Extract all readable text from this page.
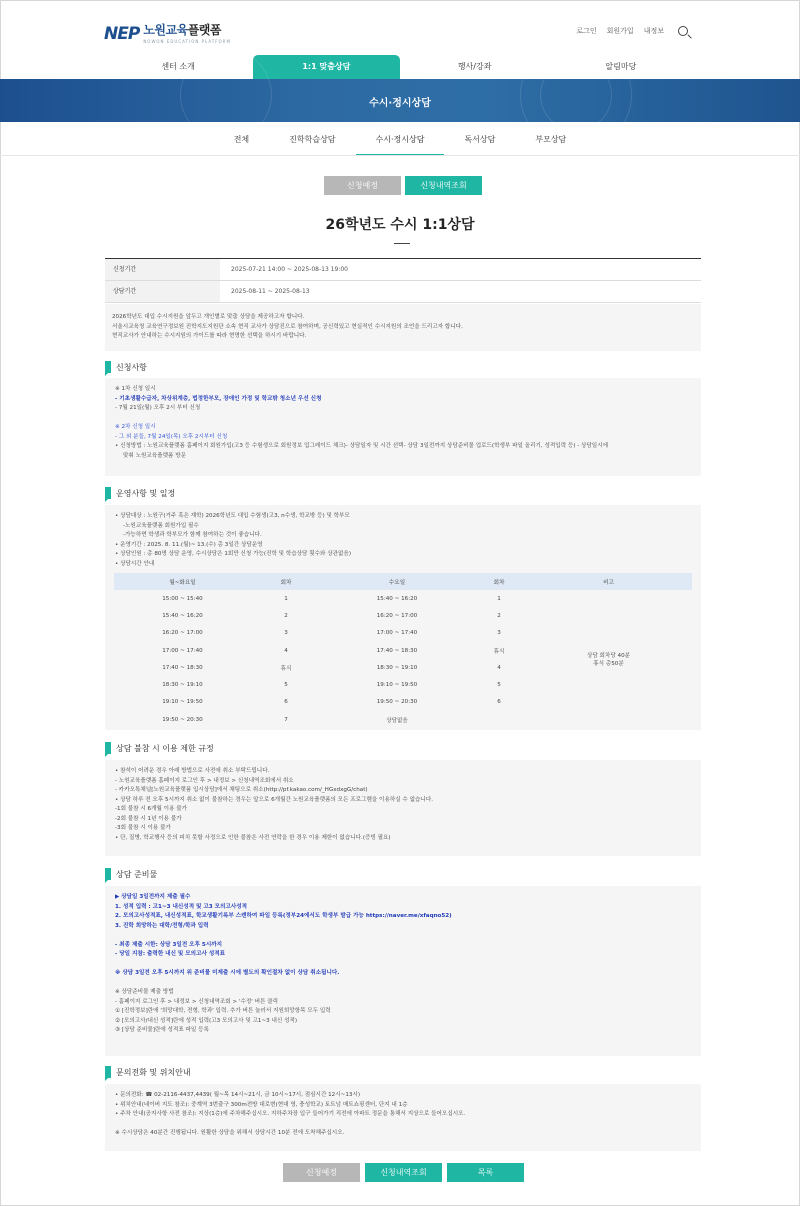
NEP 노원교육플랫폼
NOWON EDUCATION PLATFORM
로그인 회원가입 내정보
센터 소개	1:1 맞춤상담	행사/강좌	알림마당
수시·정시상담
전체	진학학습상담	수시·정시상담	독서상담	부모상담
신청예정	신청내역조회
26학년도 수시 1:1상담
신청기간	2025-07-21 14:00 ~ 2025-08-13 19:00
상담기간	2025-08-11 ~ 2025-08-13
2026학년도 대입 수시지원을 앞두고 개인별로 맞춤 상담을 제공하고자 합니다.
서울시교육청 교육연구정보원 진학지도지원단 소속 현직 교사가 상담진으로 참여하며, 공신력있고 현실적인 수시지원의 조언을 드리고자 합니다.
현직교사가 안내하는 수시지원의 가이드를 따라 현명한 선택을 하시기 바랍니다.
신청사항

※ 1차 신청 일시

- 기초생활수급자, 차상위계층, 법정한부모, 장애인 가정 및 학교밖 청소년 우선 신청

- 7월 21일(월) 오후 2시 부터 신청

※ 2차 신청 일시

- 그 외 분들, 7월 24일(목) 오후 2시부터 신청

• 신청방법 : 노원교육플랫폼 홈페이지 회원가입(고3 등 수험생으로 회원정보 업그레이드 체크)- 상담일자 및 시간 선택- 상담 3일전까지 상담준비물 업로드(학생부 파일 올리기, 성적입력 등) - 상담일시에

맞춰 노원교육플랫폼 방문

운영사항 및 일정

• 상담대상 : 노원구(거주 혹은 재학) 2026학년도 대입 수험생(고3, n수생, 학교밖 등) 및 학부모

-노원교육플랫폼 회원가입 필수

-가능하면 학생과 학부모가 함께 참여하는 것이 좋습니다.

• 운영기간 : 2025. 8. 11.(월)~ 13.(수) 총 3일간 상담운영

• 상담인원 : 총 80명 상담 운영, 수시상담은 1회만 신청 가능(진학 및 학습상담 횟수와 상관없음)

• 상담시간 안내

월~화요일	회차	수요일	회차	비고
15:00 ~ 15:40	1	15:40 ~ 16:20	1	상담 회차당 40분
휴식 총50분

15:40 ~ 16:20	2	16:20 ~ 17:00	2	
16:20 ~ 17:00	3	17:00 ~ 17:40	3	
17:00 ~ 17:40	4	17:40 ~ 18:30	휴식	
17:40 ~ 18:30	휴식	18:30 ~ 19:10	4	
18:30 ~ 19:10	5	19:10 ~ 19:50	5	
19:10 ~ 19:50	6	19:50 ~ 20:30	6	
19:50 ~ 20:30	7	상담없음		
상담 불참 시 이용 제한 규정

• 참석이 어려운 경우 아래 방법으로 사전에 취소 부탁드립니다.

- 노원교육플랫폼 홈페이지 로그인 후 > 내정보 > 신청내역조회에서 취소

- 카카오톡채널[노원교육플랫폼 입시상담]에서 채팅으로 취소(http://pf.kakao.com/_HGxdxgG/chat)

• 상담 하루 전 오후 5시까지 취소 없이 불참하는 경우는 앞으로 6개월간 노원교육플랫폼의 모든 프로그램을 이용하실 수 없습니다.

-1회 불참 시 6개월 이용 불가

-2회 불참 시 1년 이용 불가

-3회 불참 시 이용 불가

• 단, 질병, 학교행사 등의 피치 못할 사정으로 인한 불참은 사전 연락을 한 경우 이용 제한이 없습니다.(증빙 필요)

상담 준비물

▶ 상담일 3일전까지 제출 필수

1. 성적 입력 : 고1~3 내신성적 및 고3 모의고사성적

2. 모의고사성적표, 내신성적표, 학교생활기록부 스캔하여 파일 등록(정부24에서도 학생부 발급 가능 https://naver.me/xfaqno52)

3. 진학 희망하는 대학/전형/학과 입력

- 최종 제출 시한: 상담 3일전 오후 5시까지

- 당일 지참: 출력한 내신 및 모의고사 성적표

※ 상담 3일전 오후 5시까지 위 준비물 미제출 시에 별도의 확인절차 없이 상담 취소됩니다.

※ 상담준비물 제출 방법

- 홈페이지 로그인 후 > 내정보 > 신청내역조회 > '수정' 버튼 클릭

① [진학정보]란에 '희망대학, 전형, 학과' 입력. 추가 버튼 눌러서 지원희망항목 모두 입력

② [모의고사/내신 성적]란에 성적 입력(고3 모의고사 및 고1~3 내신 성적)

③ [상담 준비물]란에 성적표 파일 등록

문의전화 및 위치안내

• 문의전화: ☎ 02-2116-4437,4439( 월~목 14시~21시, 금 10시~17시, 점심시간 12시~13시)

• 위치안내(네이버 지도 참조): 중계역 3번출구 300m전방 대로변(현대 영, 충성학교) 토트넘 매트쇼핑센터, 단지 내 1층

• 주차 안내(공지사항 사전 참조): 지상(1층)에 주차해주십시오. 지하주차장 입구 들어가기 직전에 아파트 정문을 통해서 지상으로 들어오십시오.

※ 수시상담은 40분간 진행됩니다. 원활한 상담을 위해서 상담시간 10분 전에 도착해주십시오.

신청예정	신청내역조회	목록
